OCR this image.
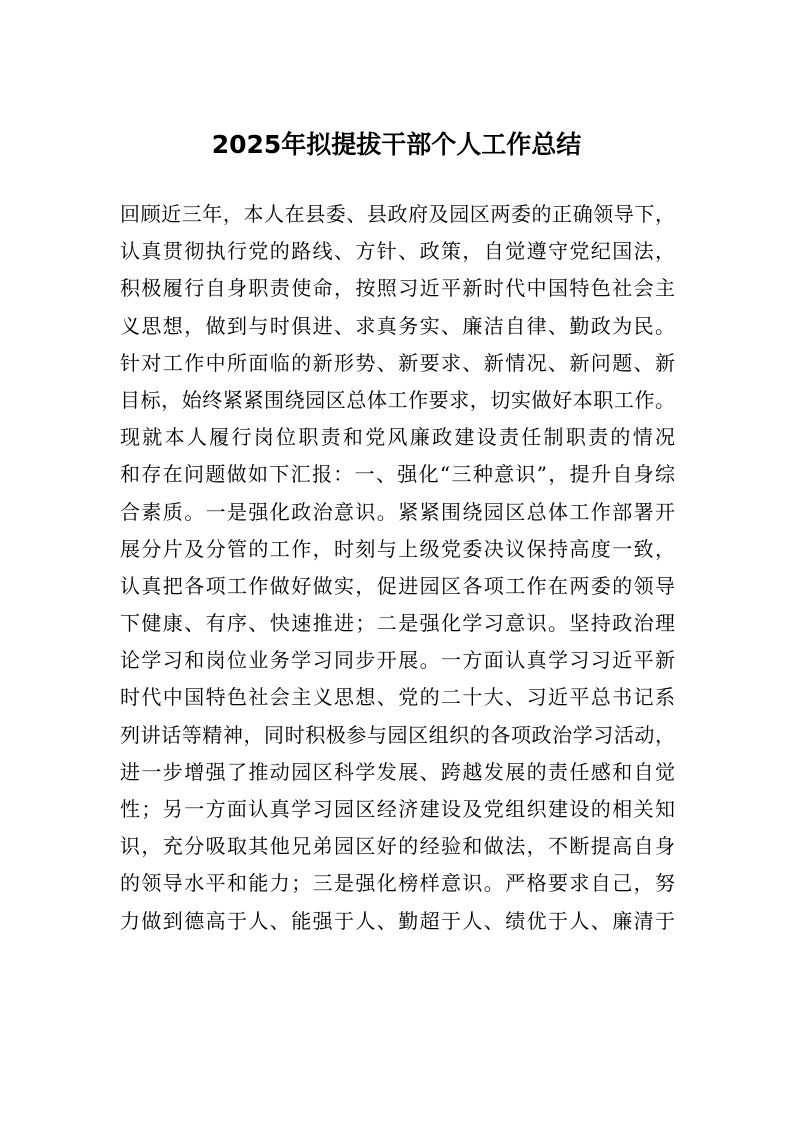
2025年拟提拔干部个人工作总结
回顾近三年，本人在县委、县政府及园区两委的正确领导下，
认真贯彻执行党的路线、方针、政策，自觉遵守党纪国法，
积极履行自身职责使命，按照习近平新时代中国特色社会主
义思想，做到与时俱进、求真务实、廉洁自律、勤政为民。
针对工作中所面临的新形势、新要求、新情况、新问题、新
目标，始终紧紧围绕园区总体工作要求，切实做好本职工作。
现就本人履行岗位职责和党风廉政建设责任制职责的情况
和存在问题做如下汇报：一、强化“三种意识”，提升自身综
合素质。一是强化政治意识。紧紧围绕园区总体工作部署开
展分片及分管的工作，时刻与上级党委决议保持高度一致，
认真把各项工作做好做实，促进园区各项工作在两委的领导
下健康、有序、快速推进；二是强化学习意识。坚持政治理
论学习和岗位业务学习同步开展。一方面认真学习习近平新
时代中国特色社会主义思想、党的二十大、习近平总书记系
列讲话等精神，同时积极参与园区组织的各项政治学习活动，
进一步增强了推动园区科学发展、跨越发展的责任感和自觉
性；另一方面认真学习园区经济建设及党组织建设的相关知
识，充分吸取其他兄弟园区好的经验和做法，不断提高自身
的领导水平和能力；三是强化榜样意识。严格要求自己，努
力做到德高于人、能强于人、勤超于人、绩优于人、廉清于
